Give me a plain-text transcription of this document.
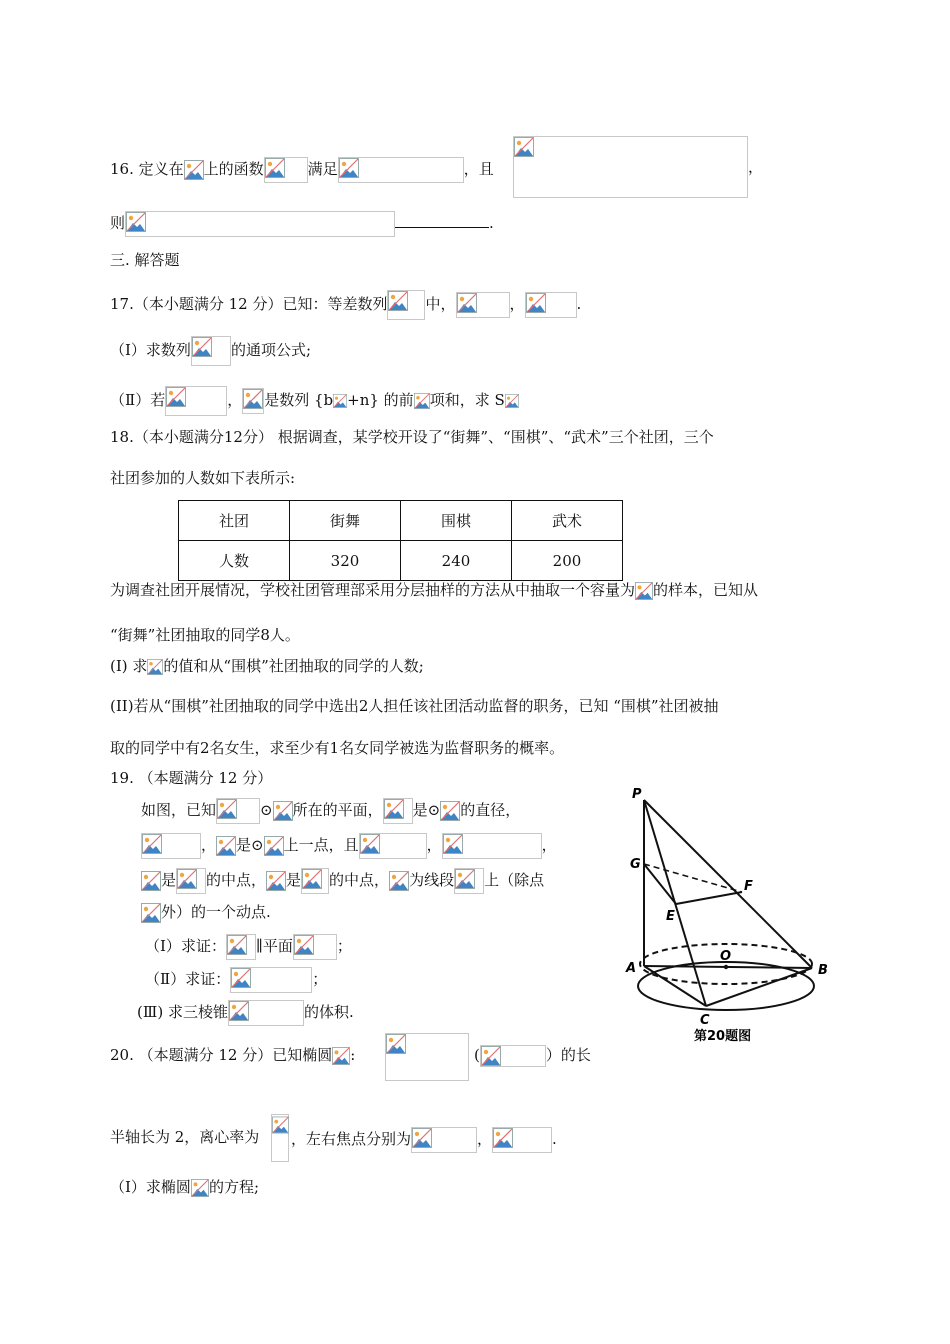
16. 定义在 上的函数	满足	，且	，
则	.
三. 解答题
17.（本小题满分 12 分）已知：等差数列	中，	，	.
（Ⅰ）求数列	的通项公式;
（Ⅱ）若	， 是数列 {b +n} 的前 项和，求 S
18.（本小题满分12分） 根据调查，某学校开设了“街舞”、“围棋”、“武术”三个社团，三个
社团参加的人数如下表所示:
社团	街舞	围棋	武术
人数	320	240	200
为调查社团开展情况，学校社团管理部采用分层抽样的方法从中抽取一个容量为 的样本，已知从
“街舞”社团抽取的同学8人。
(I) 求 的值和从“围棋”社团抽取的同学的人数;
(II)若从“围棋”社团抽取的同学中选出2人担任该社团活动监督的职务，已知 “围棋”社团被抽
取的同学中有2名女生，求至少有1名女同学被选为监督职务的概率。
19. （本题满分 12 分）
如图，已知	⊙ 所在的平面， 是⊙ 的直径，
， 是⊙ 上一点，且	，	，
是 的中点， 是 的中点， 为线段 上（除点
外）的一个动点.
（Ⅰ）求证： ∥平面	；
（Ⅱ）求证：	；
(Ⅲ) 求三棱锥	的体积.
P
G
F
E
O
A	B
C
第20题图
20. （本题满分 12 分）已知椭圆 :	(	）的长
半轴长为 2，离心率为 ，左右焦点分别为	，	.
（Ⅰ）求椭圆 的方程;
